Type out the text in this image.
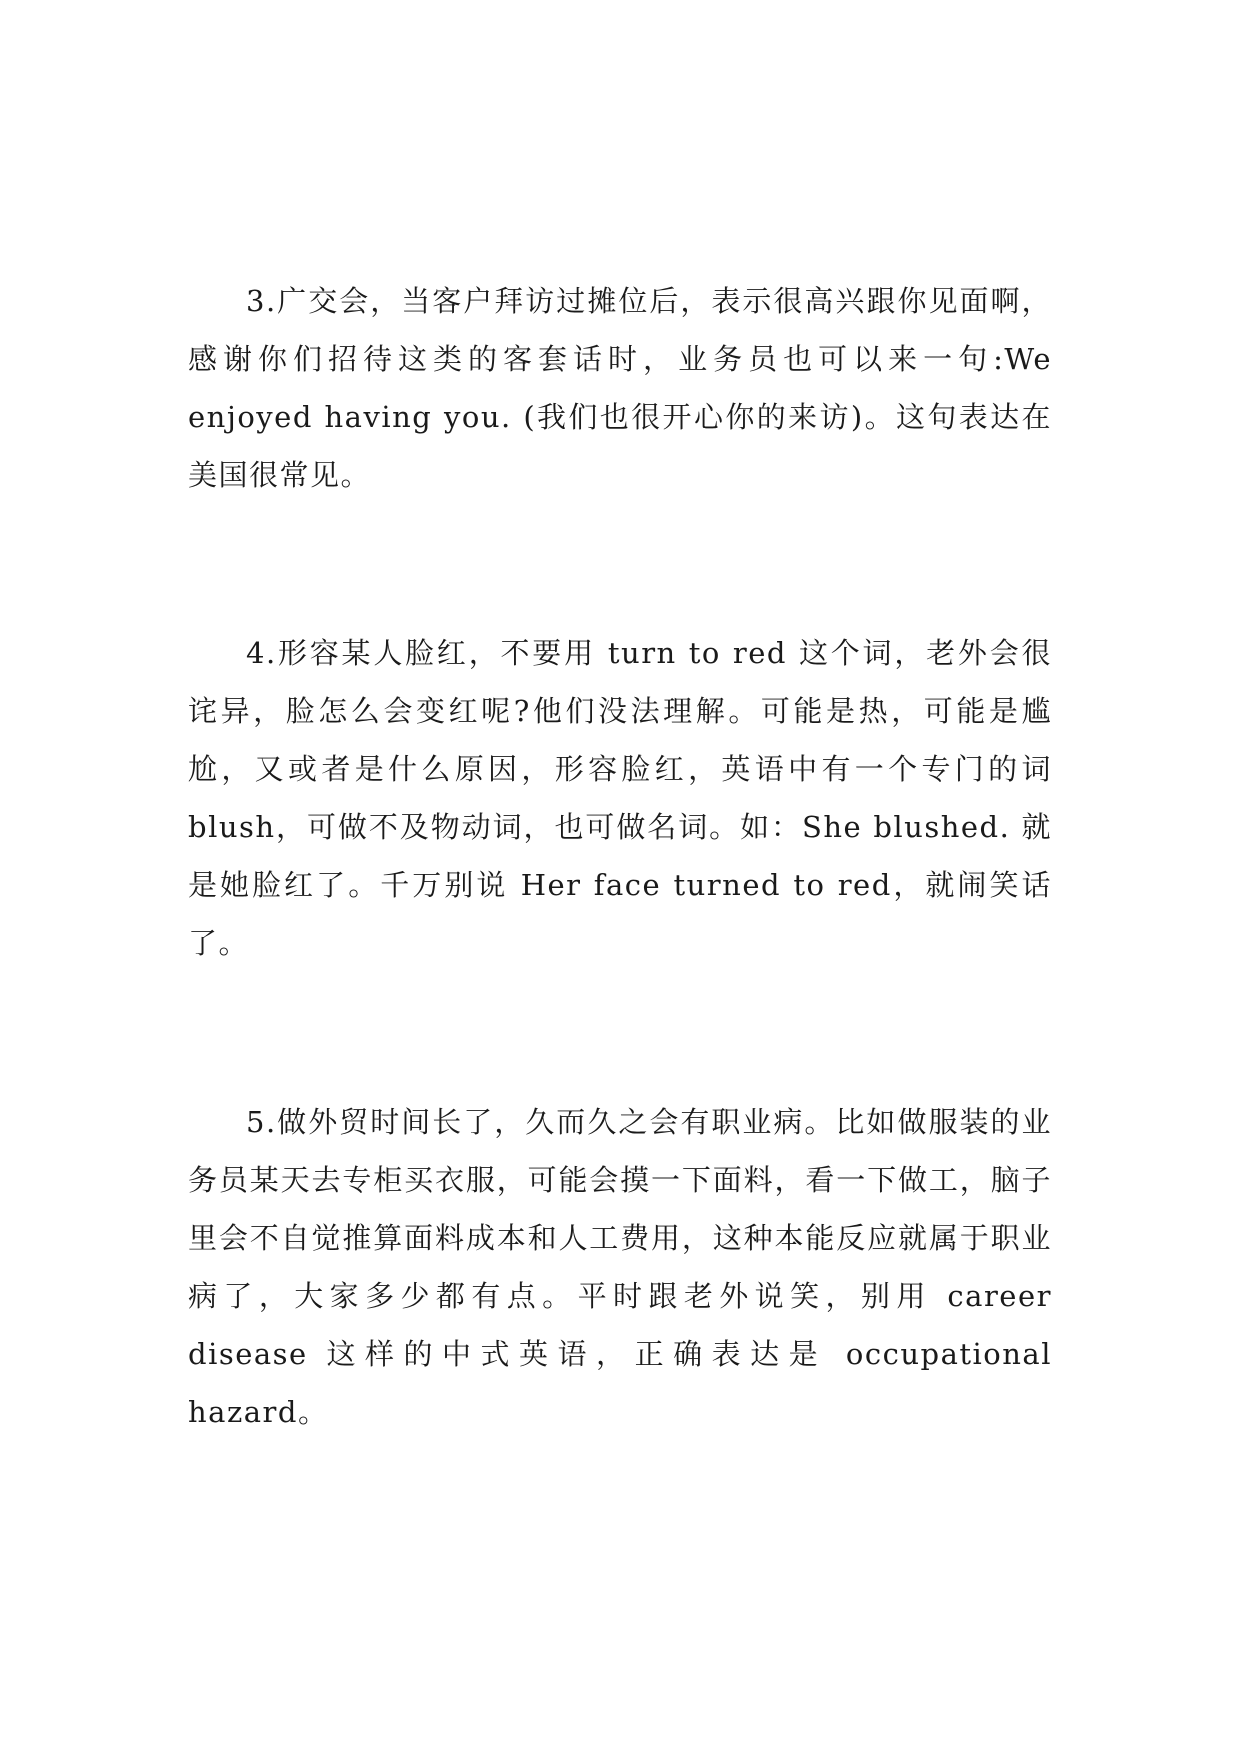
3.广交会，当客户拜访过摊位后，表示很高兴跟你见面啊，感谢你们招待这类的客套话时，业务员也可以来一句:We enjoyed having you. (我们也很开心你的来访)。这句表达在美国很常见。

4.形容某人脸红，不要用 turn to red 这个词，老外会很诧异，脸怎么会变红呢?他们没法理解。可能是热，可能是尴尬，又或者是什么原因，形容脸红，英语中有一个专门的词 blush，可做不及物动词，也可做名词。如：She blushed. 就是她脸红了。千万别说 Her face turned to red，就闹笑话了。

5.做外贸时间长了，久而久之会有职业病。比如做服装的业务员某天去专柜买衣服，可能会摸一下面料，看一下做工，脑子里会不自觉推算面料成本和人工费用，这种本能反应就属于职业病了，大家多少都有点。平时跟老外说笑，别用 career disease 这样的中式英语，正确表达是 occupational hazard。
